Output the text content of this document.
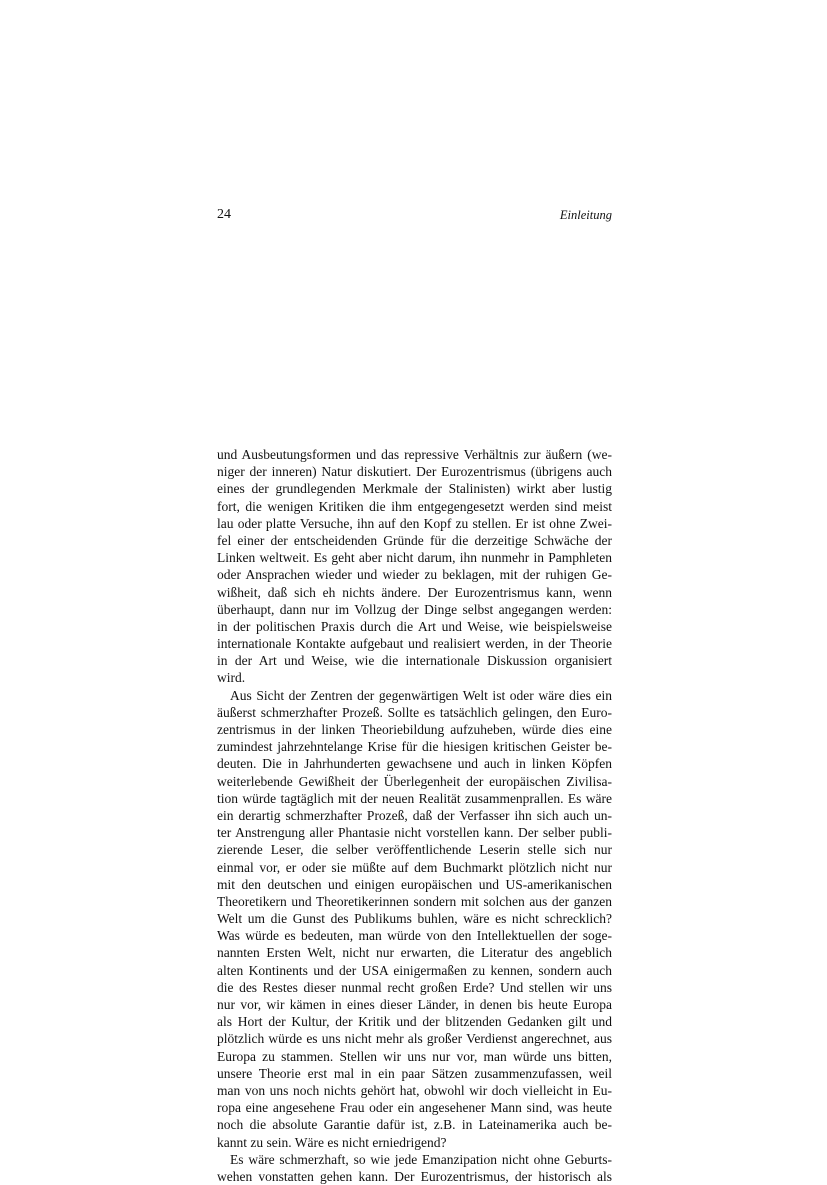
24	Einleitung
und Ausbeutungsformen und das repressive Verhältnis zur äußern (we-
niger der inneren) Natur diskutiert. Der Eurozentrismus (übrigens auch
eines der grundlegenden Merkmale der Stalinisten) wirkt aber lustig
fort, die wenigen Kritiken die ihm entgegengesetzt werden sind meist
lau oder platte Versuche, ihn auf den Kopf zu stellen. Er ist ohne Zwei-
fel einer der entscheidenden Gründe für die derzeitige Schwäche der
Linken weltweit. Es geht aber nicht darum, ihn nunmehr in Pamphleten
oder Ansprachen wieder und wieder zu beklagen, mit der ruhigen Ge-
wißheit, daß sich eh nichts ändere. Der Eurozentrismus kann, wenn
überhaupt, dann nur im Vollzug der Dinge selbst angegangen werden:
in der politischen Praxis durch die Art und Weise, wie beispielsweise
internationale Kontakte aufgebaut und realisiert werden, in der Theorie
in der Art und Weise, wie die internationale Diskussion organisiert
wird.
Aus Sicht der Zentren der gegenwärtigen Welt ist oder wäre dies ein
äußerst schmerzhafter Prozeß. Sollte es tatsächlich gelingen, den Euro-
zentrismus in der linken Theoriebildung aufzuheben, würde dies eine
zumindest jahrzehntelange Krise für die hiesigen kritischen Geister be-
deuten. Die in Jahrhunderten gewachsene und auch in linken Köpfen
weiterlebende Gewißheit der Überlegenheit der europäischen Zivilisa-
tion würde tagtäglich mit der neuen Realität zusammenprallen. Es wäre
ein derartig schmerzhafter Prozeß, daß der Verfasser ihn sich auch un-
ter Anstrengung aller Phantasie nicht vorstellen kann. Der selber publi-
zierende Leser, die selber veröffentlichende Leserin stelle sich nur
einmal vor, er oder sie müßte auf dem Buchmarkt plötzlich nicht nur
mit den deutschen und einigen europäischen und US-amerikanischen
Theoretikern und Theoretikerinnen sondern mit solchen aus der ganzen
Welt um die Gunst des Publikums buhlen, wäre es nicht schrecklich?
Was würde es bedeuten, man würde von den Intellektuellen der soge-
nannten Ersten Welt, nicht nur erwarten, die Literatur des angeblich
alten Kontinents und der USA einigermaßen zu kennen, sondern auch
die des Restes dieser nunmal recht großen Erde? Und stellen wir uns
nur vor, wir kämen in eines dieser Länder, in denen bis heute Europa
als Hort der Kultur, der Kritik und der blitzenden Gedanken gilt und
plötzlich würde es uns nicht mehr als großer Verdienst angerechnet, aus
Europa zu stammen. Stellen wir uns nur vor, man würde uns bitten,
unsere Theorie erst mal in ein paar Sätzen zusammenzufassen, weil
man von uns noch nichts gehört hat, obwohl wir doch vielleicht in Eu-
ropa eine angesehene Frau oder ein angesehener Mann sind, was heute
noch die absolute Garantie dafür ist, z.B. in Lateinamerika auch be-
kannt zu sein. Wäre es nicht erniedrigend?
Es wäre schmerzhaft, so wie jede Emanzipation nicht ohne Geburts-
wehen vonstatten gehen kann. Der Eurozentrismus, der historisch als
